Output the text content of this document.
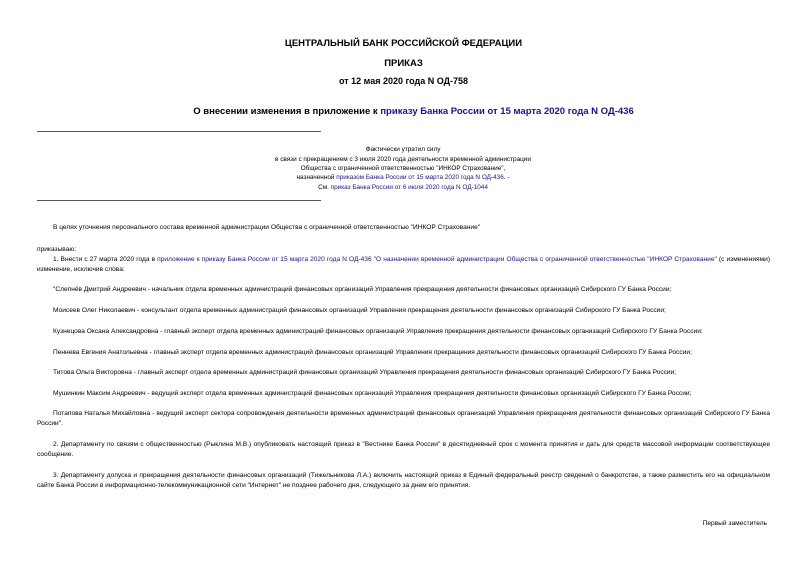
ЦЕНТРАЛЬНЫЙ БАНК РОССИЙСКОЙ ФЕДЕРАЦИИ
ПРИКАЗ
от 12 мая 2020 года N ОД-758
О внесении изменения в приложение к приказу Банка России от 15 марта 2020 года N ОД-436
Фактически утратил силу
в связи с прекращением с 3 июля 2020 года деятельности временной администрации
Общества с ограниченной ответственностью "ИНКОР Страхование",
назначенной приказом Банка России от 15 марта 2020 года N ОД-436. -
См. приказ Банка России от 6 июля 2020 года N ОД-1044
В целях уточнения персонального состава временной администрации Общества с ограниченной ответственностью "ИНКОР Страхование"
приказываю:
1. Внести с 27 марта 2020 года в приложение к приказу Банка России от 15 марта 2020 года N ОД-436 "О назначении временной администрации Общества с ограниченной ответственностью "ИНКОР Страхование" (с изменениями) изменение, исключив слова:
"Слепнёв Дмитрий Андреевич - начальник отдела временных администраций финансовых организаций Управления прекращения деятельности финансовых организаций Сибирского ГУ Банка России;
Моисеев Олег Николаевич - консультант отдела временных администраций финансовых организаций Управления прекращения деятельности финансовых организаций Сибирского ГУ Банка России;
Кузнецова Оксана Александровна - главный эксперт отдела временных администраций финансовых организаций Управления прекращения деятельности финансовых организаций Сибирского ГУ Банка России;
Пеннева Евгения Анатольевна - главный эксперт отдела временных администраций финансовых организаций Управления прекращения деятельности финансовых организаций Сибирского ГУ Банка России;
Титова Ольга Викторовна - главный эксперт отдела временных администраций финансовых организаций Управления прекращения деятельности финансовых организаций Сибирского ГУ Банка России;
Мушинкин Максим Андреевич - ведущий эксперт отдела временных администраций финансовых организаций Управления прекращения деятельности финансовых организаций Сибирского ГУ Банка России;
Потапова Наталья Михайловна - ведущий эксперт сектора сопровождения деятельности временных администраций финансовых организаций Управления прекращения деятельности финансовых организаций Сибирского ГУ Банка России".
2. Департаменту по связям с общественностью (Рыклина М.В.) опубликовать настоящий приказ в "Вестнике Банка России" в десятидневный срок с момента принятия и дать для средств массовой информации соответствующее сообщение.
3. Департаменту допуска и прекращения деятельности финансовых организаций (Тижельникова Л.А.) включить настоящий приказ в Единый федеральный реестр сведений о банкротстве, а также разместить его на официальном сайте Банка России в информационно-телекоммуникационной сети "Интернет" не позднее рабочего дня, следующего за днем его принятия.
Первый заместитель
